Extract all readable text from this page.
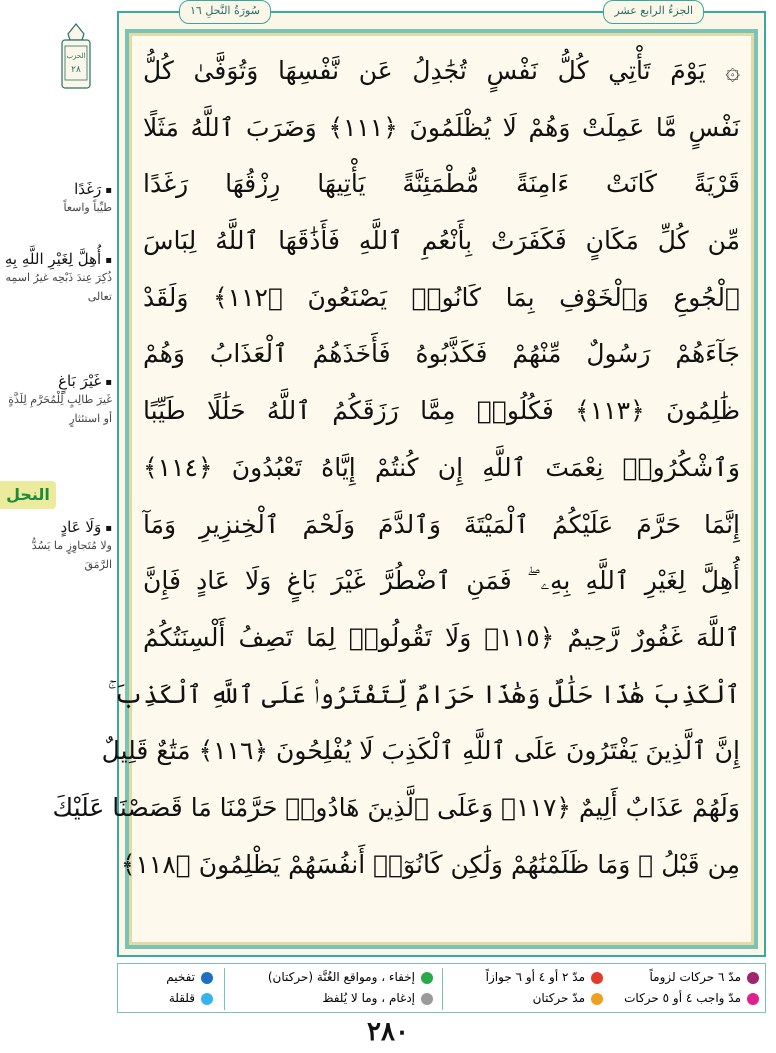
الحزب
٢٨
▪ رَغَدًا
طيِّباً واسعاً
▪ أُهِلَّ لِغَيْرِ اللَّهِ بِهِ
ذُكِرَ عِندَ ذَبْحِه غيرُ اسمِه تعالى
▪ غَيْرَ بَاغٍ
غَيرَ طالِبٍ لِلْمُحَرَّمِ لِلَذَّةٍ أو استئثارٍ
النحل
▪ وَلَا عَادٍ
ولا مُتَجاوِزٍ ما يَسُدُّ الرَّمَقَ
سُورَةُ النَّحلِ ١٦	الجزءُ الرابع عشر
۞ يَوْمَ تَأْتِي كُلُّ نَفْسٍ تُجَٰدِلُ عَن نَّفْسِهَا وَتُوَفَّىٰ كُلُّ
نَفْسٍ مَّا عَمِلَتْ وَهُمْ لَا يُظْلَمُونَ ﴿١١١﴾ وَضَرَبَ ٱللَّهُ مَثَلًا
قَرْيَةً كَانَتْ ءَامِنَةً مُّطْمَئِنَّةً يَأْتِيهَا رِزْقُهَا رَغَدًا
مِّن كُلِّ مَكَانٍ فَكَفَرَتْ بِأَنْعُمِ ٱللَّهِ فَأَذَٰقَهَا ٱللَّهُ لِبَاسَ
ٱلْجُوعِ وَٱلْخَوْفِ بِمَا كَانُوا۟ يَصْنَعُونَ ﴿١١٢﴾ وَلَقَدْ
جَآءَهُمْ رَسُولٌ مِّنْهُمْ فَكَذَّبُوهُ فَأَخَذَهُمُ ٱلْعَذَابُ وَهُمْ
ظَٰلِمُونَ ﴿١١٣﴾ فَكُلُوا۟ مِمَّا رَزَقَكُمُ ٱللَّهُ حَلَٰلًا طَيِّبًا
وَٱشْكُرُوا۟ نِعْمَتَ ٱللَّهِ إِن كُنتُمْ إِيَّاهُ تَعْبُدُونَ ﴿١١٤﴾
إِنَّمَا حَرَّمَ عَلَيْكُمُ ٱلْمَيْتَةَ وَٱلدَّمَ وَلَحْمَ ٱلْخِنزِيرِ وَمَآ
أُهِلَّ لِغَيْرِ ٱللَّهِ بِهِۦ ۖ فَمَنِ ٱضْطُرَّ غَيْرَ بَاغٍ وَلَا عَادٍ فَإِنَّ
ٱللَّهَ غَفُورٌ رَّحِيمٌ ﴿١١٥﴾ وَلَا تَقُولُوا۟ لِمَا تَصِفُ أَلْسِنَتُكُمُ
ٱلْكَذِبَ هَٰذَا حَلَٰلٌ وَهَٰذَا حَرَامٌ لِّتَفْتَرُوا۟ عَلَى ٱللَّهِ ٱلْكَذِبَ ۚ
إِنَّ ٱلَّذِينَ يَفْتَرُونَ عَلَى ٱللَّهِ ٱلْكَذِبَ لَا يُفْلِحُونَ ﴿١١٦﴾ مَتَٰعٌ قَلِيلٌ
وَلَهُمْ عَذَابٌ أَلِيمٌ ﴿١١٧﴾ وَعَلَى ٱلَّذِينَ هَادُوا۟ حَرَّمْنَا مَا قَصَصْنَا عَلَيْكَ
مِن قَبْلُ ۖ وَمَا ظَلَمْنَٰهُمْ وَلَٰكِن كَانُوٓا۟ أَنفُسَهُمْ يَظْلِمُونَ ﴿١١٨﴾
مدّ ٦ حركات لزوماً
مدّ واجب ٤ أو ٥ حركات
مدّ ٢ أو ٤ أو ٦ جوازاً
مدّ حركتان
إخفاء ، ومواقع الغُنَّة (حركتان)
إدغام ، وما لا يُلفظ
تفخيم
قلقلة
٢٨٠
